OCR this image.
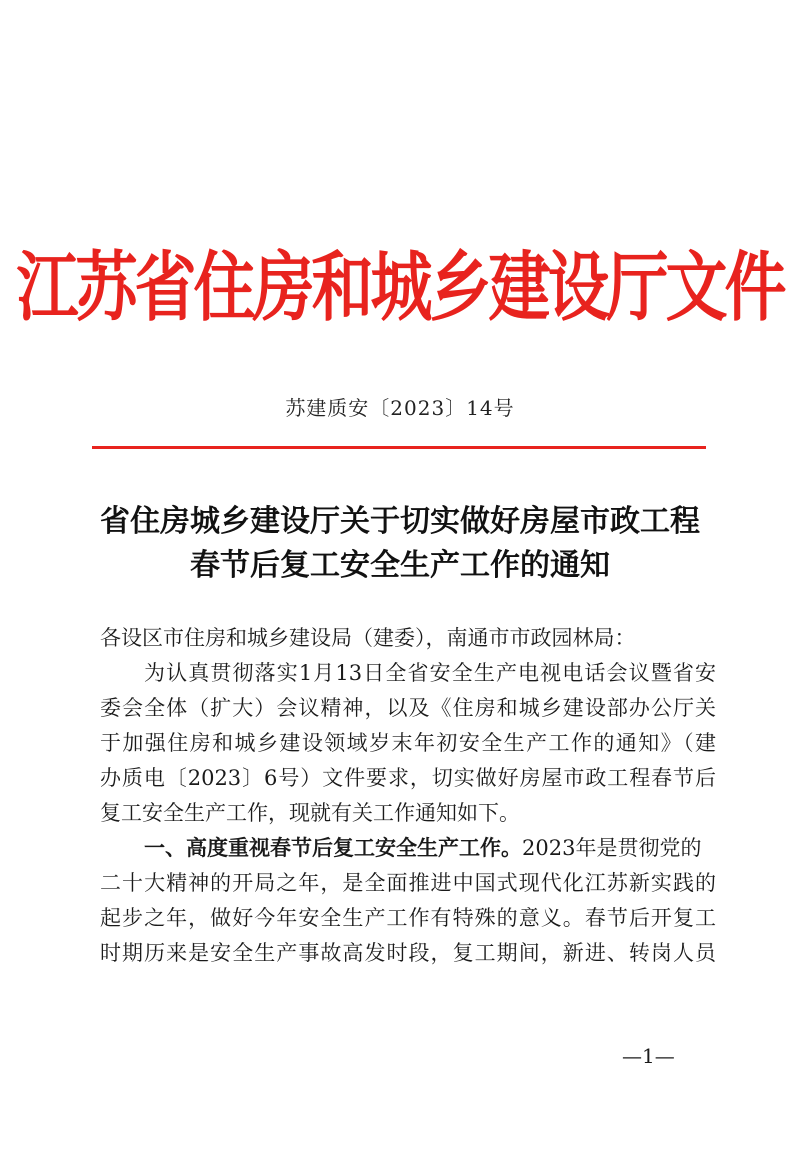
江苏省住房和城乡建设厅文件
苏建质安〔2023〕14号
省住房城乡建设厅关于切实做好房屋市政工程
春节后复工安全生产工作的通知
各设区市住房和城乡建设局（建委），南通市市政园林局：
为认真贯彻落实1月13日全省安全生产电视电话会议暨省安
委会全体（扩大）会议精神，以及《住房和城乡建设部办公厅关
于加强住房和城乡建设领域岁末年初安全生产工作的通知》（建
办质电〔2023〕6号）文件要求，切实做好房屋市政工程春节后
复工安全生产工作，现就有关工作通知如下。
一、高度重视春节后复工安全生产工作。2023年是贯彻党的
二十大精神的开局之年，是全面推进中国式现代化江苏新实践的
起步之年，做好今年安全生产工作有特殊的意义。春节后开复工
时期历来是安全生产事故高发时段，复工期间，新进、转岗人员
—1—
